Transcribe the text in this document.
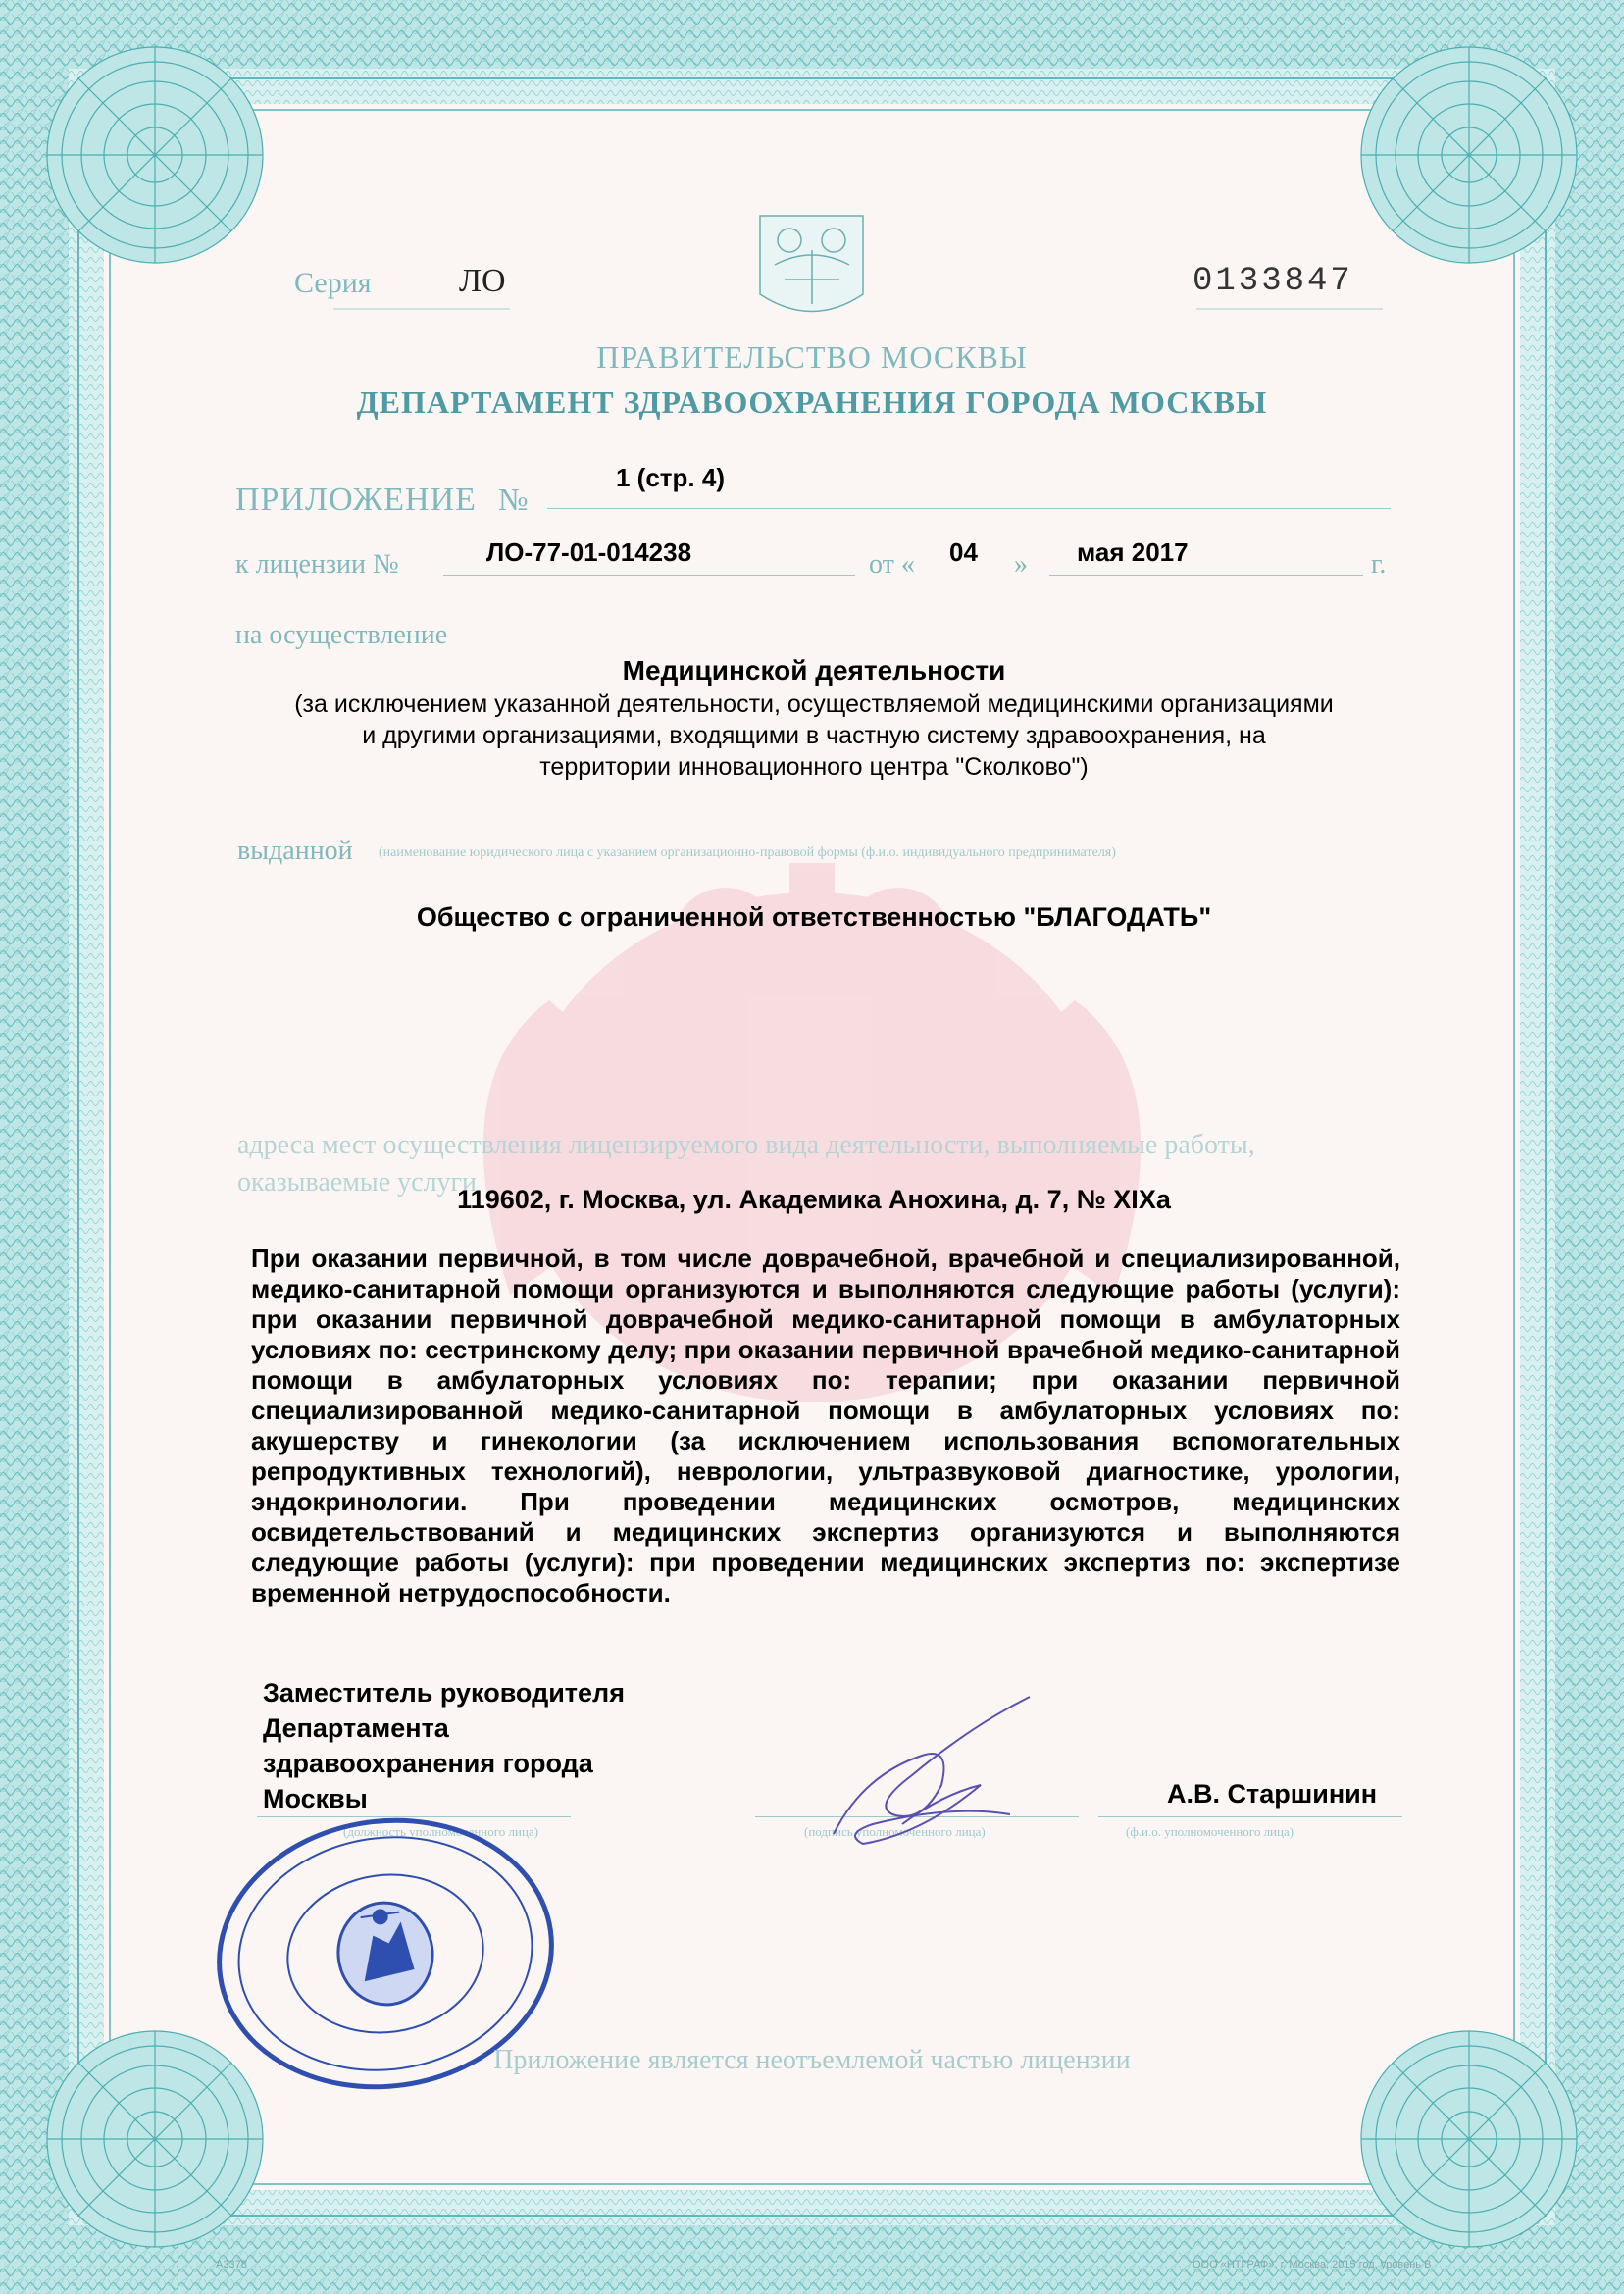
Серия	ЛО	0133847
ПРАВИТЕЛЬСТВО МОСКВЫ
ДЕПАРТАМЕНТ ЗДРАВООХРАНЕНИЯ ГОРОДА МОСКВЫ
ПРИЛОЖЕНИЕ №
1 (стр. 4)
к лицензии №	ЛО-77-01-014238	от « 04 » мая 2017	г.
на осуществление
Медицинской деятельности
(за исключением указанной деятельности, осуществляемой медицинскими организациями
и другими организациями, входящими в частную систему здравоохранения, на
территории инновационного центра "Сколково")
выданной (наименование юридического лица с указанием организационно-правовой формы (ф.и.о. индивидуального предпринимателя)
Общество с ограниченной ответственностью "БЛАГОДАТЬ"
адреса мест осуществления лицензируемого вида деятельности, выполняемые работы,
оказываемые услуги
119602, г. Москва, ул. Академика Анохина, д. 7, № XIXа
При оказании первичной, в том числе доврачебной, врачебной и специализированной, медико-санитарной помощи организуются и выполняются следующие работы (услуги): при оказании первичной доврачебной медико-санитарной помощи в амбулаторных условиях по: сестринскому делу; при оказании первичной врачебной медико-санитарной помощи в амбулаторных условиях по: терапии; при оказании первичной специализированной медико-санитарной помощи в амбулаторных условиях по: акушерству и гинекологии (за исключением использования вспомогательных репродуктивных технологий), неврологии, ультразвуковой диагностике, урологии, эндокринологии. При проведении медицинских осмотров, медицинских освидетельствований и медицинских экспертиз организуются и выполняются следующие работы (услуги): при проведении медицинских экспертиз по: экспертизе временной нетрудоспособности.
Заместитель руководителя
Департамента
здравоохранения города
Москвы	А.В. Старшинин
(должность уполномоченного лица)	(подпись уполномоченного лица)	(ф.и.о. уполномоченного лица)
Приложение является неотъемлемой частью лицензии
А3378	ООО «НТГРАФ», г. Москва, 2015 год, уровень В
